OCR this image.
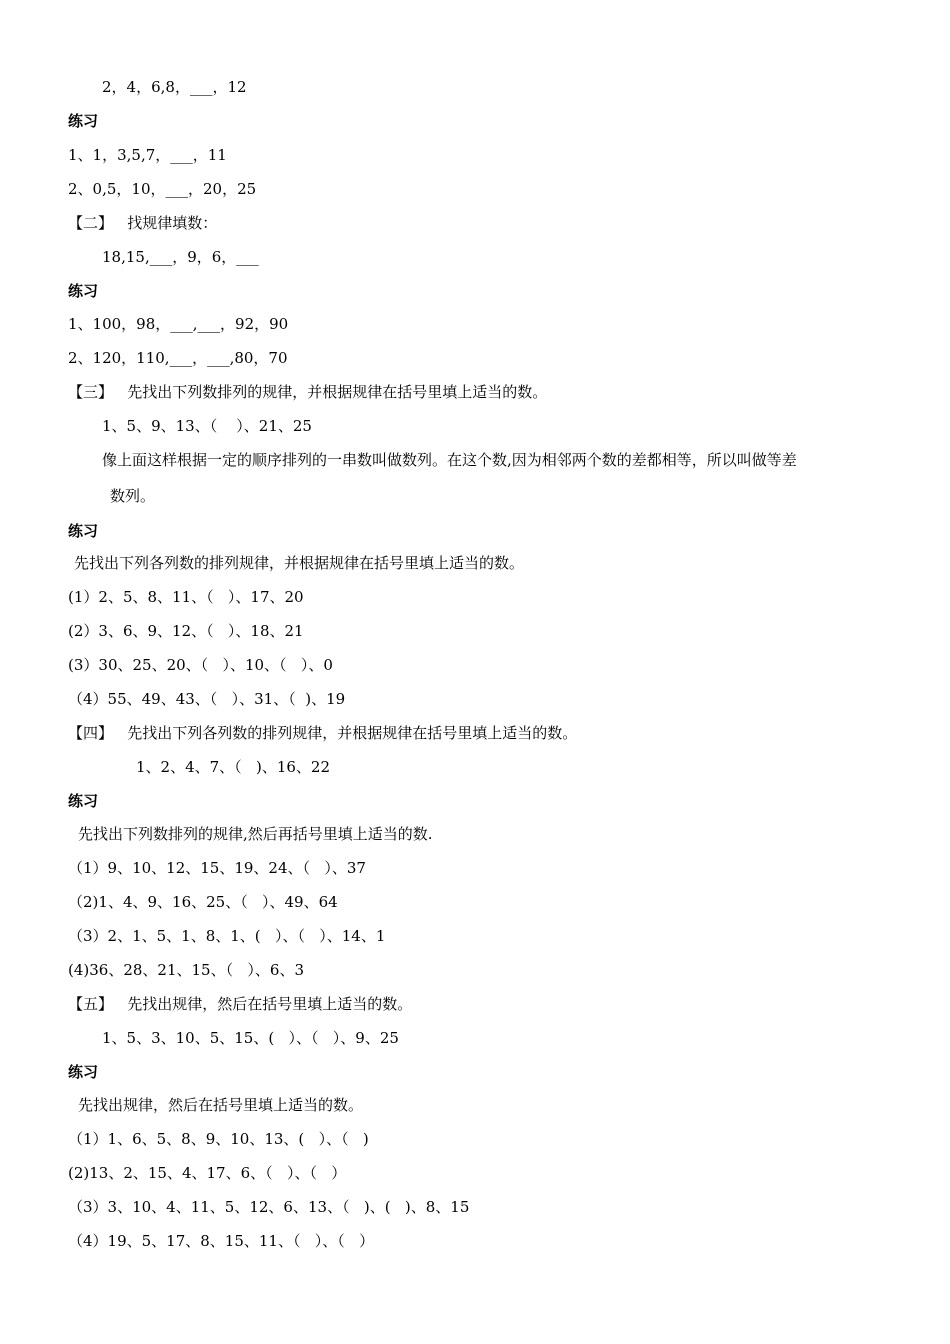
2，4，6,8，___，12
练习
1、1，3,5,7，___，11
2、0,5，10，___，20，25
【二】   找规律填数：
18,15,___，9，6，___
练习
1、100，98，___,___，92，90
2、120，110,___，___,80，70
【三】   先找出下列数排列的规律，并根据规律在括号里填上适当的数。
1、5、9、13、（    ）、21、25
像上面这样根据一定的顺序排列的一串数叫做数列。在这个数,因为相邻两个数的差都相等，所以叫做等差
数列。
练习
先找出下列各列数的排列规律，并根据规律在括号里填上适当的数。
(1）2、5、8、11、（   ）、17、20
(2）3、6、9、12、（   ）、18、21
(3）30、25、20、（   ）、10、（   ）、0
（4）55、49、43、（   ）、31、（  )、19
【四】   先找出下列各列数的排列规律，并根据规律在括号里填上适当的数。
1、2、4、7、（   )、16、22
练习
先找出下列数排列的规律,然后再括号里填上适当的数.
（1）9、10、12、15、19、24、（   ）、37
（2)1、4、9、16、25、（   ）、49、64
（3）2、1、5、1、8、1、(   ）、（   ）、14、1
(4)36、28、21、15、（   ）、6、3
【五】   先找出规律，然后在括号里填上适当的数。
1、5、3、10、5、15、(   ）、（   ）、9、25
练习
先找出规律，然后在括号里填上适当的数。
（1）1、6、5、8、9、10、13、(   ）、（   )
(2)13、2、15、4、17、6、（   ）、（   ）
（3）3、10、4、11、5、12、6、13、（   )、(   )、8、15
（4）19、5、17、8、15、11、（   ）、（   ）
